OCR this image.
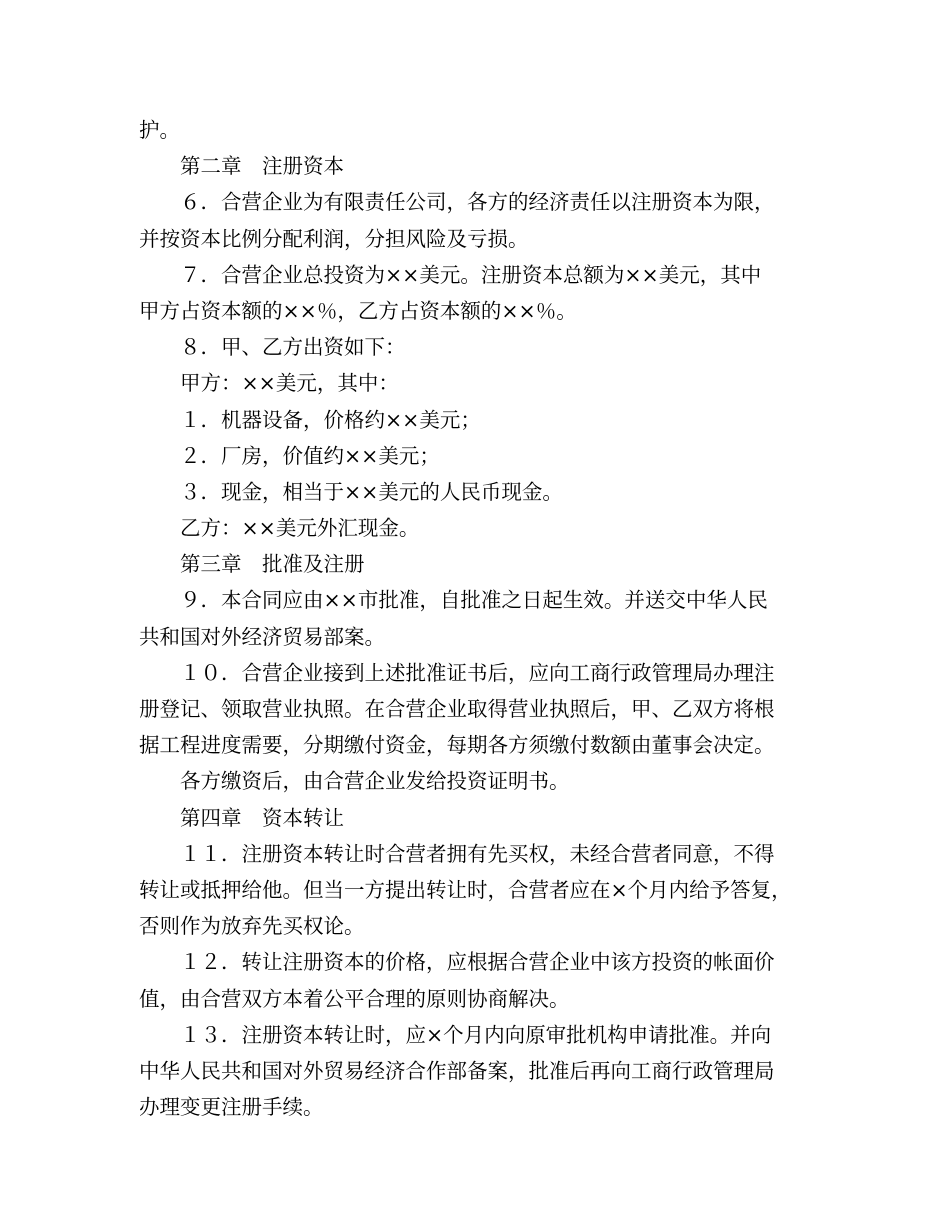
护。
第二章　注册资本
６．合营企业为有限责任公司，各方的经济责任以注册资本为限，
并按资本比例分配利润，分担风险及亏损。
７．合营企业总投资为××美元。注册资本总额为××美元，其中
甲方占资本额的××％，乙方占资本额的××％。
８．甲、乙方出资如下：
甲方：××美元，其中：
１．机器设备，价格约××美元；
２．厂房，价值约××美元；
３．现金，相当于××美元的人民币现金。
乙方：××美元外汇现金。
第三章　批准及注册
９．本合同应由××市批准，自批准之日起生效。并送交中华人民
共和国对外经济贸易部案。
１０．合营企业接到上述批准证书后，应向工商行政管理局办理注
册登记、领取营业执照。在合营企业取得营业执照后，甲、乙双方将根
据工程进度需要，分期缴付资金，每期各方须缴付数额由董事会决定。
各方缴资后，由合营企业发给投资证明书。
第四章　资本转让
１１．注册资本转让时合营者拥有先买权，未经合营者同意，不得
转让或抵押给他。但当一方提出转让时，合营者应在×个月内给予答复，
否则作为放弃先买权论。
１２．转让注册资本的价格，应根据合营企业中该方投资的帐面价
值，由合营双方本着公平合理的原则协商解决。
１３．注册资本转让时，应×个月内向原审批机构申请批准。并向
中华人民共和国对外贸易经济合作部备案，批准后再向工商行政管理局
办理变更注册手续。
